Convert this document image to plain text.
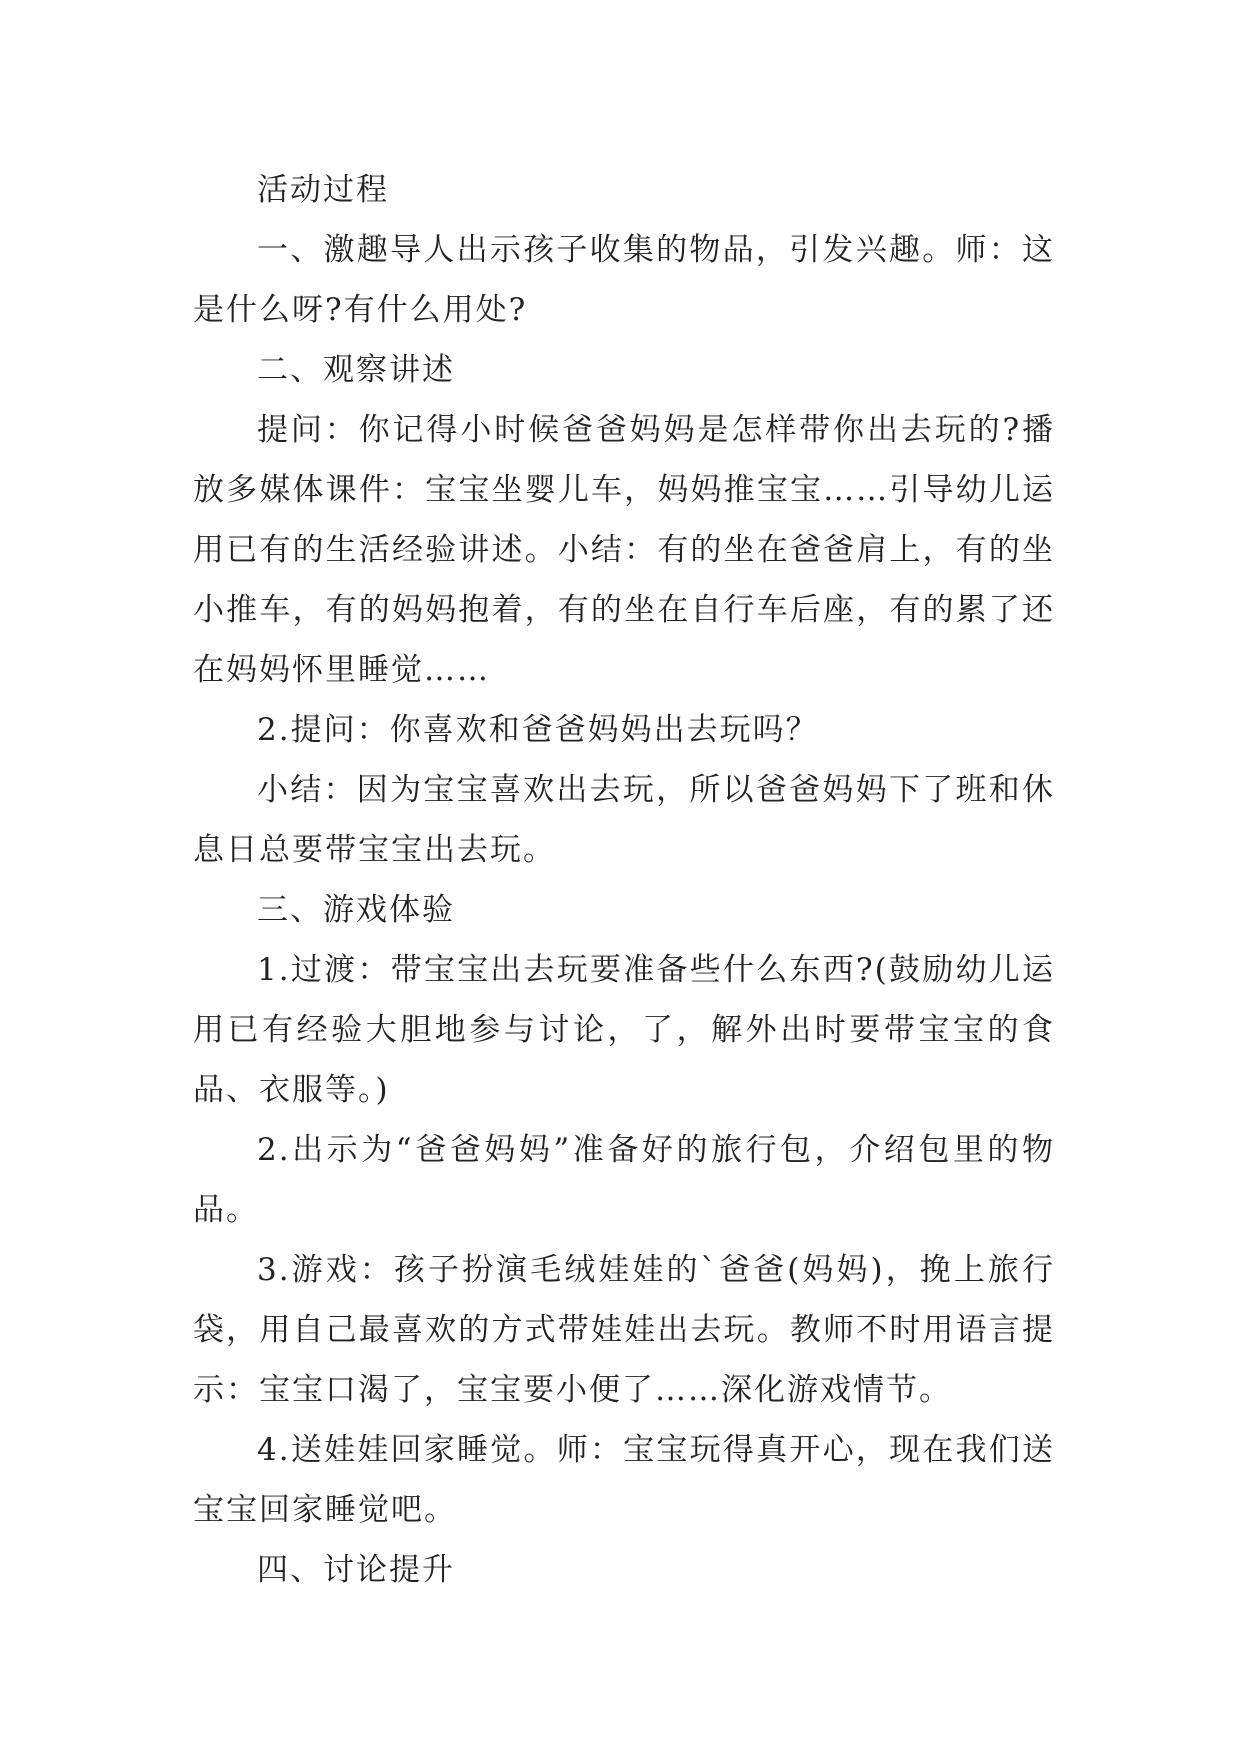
活动过程

一、激趣导人出示孩子收集的物品，引发兴趣。师：这是什么呀?有什么用处?

二、观察讲述

提问：你记得小时候爸爸妈妈是怎样带你出去玩的?播放多媒体课件：宝宝坐婴儿车，妈妈推宝宝……引导幼儿运用已有的生活经验讲述。小结：有的坐在爸爸肩上，有的坐小推车，有的妈妈抱着，有的坐在自行车后座，有的累了还在妈妈怀里睡觉……

2.提问：你喜欢和爸爸妈妈出去玩吗？

小结：因为宝宝喜欢出去玩，所以爸爸妈妈下了班和休息日总要带宝宝出去玩。

三、游戏体验

1.过渡：带宝宝出去玩要准备些什么东西?(鼓励幼儿运用已有经验大胆地参与讨论，了，解外出时要带宝宝的食品、衣服等。)

2.出示为“爸爸妈妈”准备好的旅行包，介绍包里的物品。

3.游戏：孩子扮演毛绒娃娃的`爸爸(妈妈)，挽上旅行袋，用自己最喜欢的方式带娃娃出去玩。教师不时用语言提示：宝宝口渴了，宝宝要小便了……深化游戏情节。

4.送娃娃回家睡觉。师：宝宝玩得真开心，现在我们送宝宝回家睡觉吧。

四、讨论提升
